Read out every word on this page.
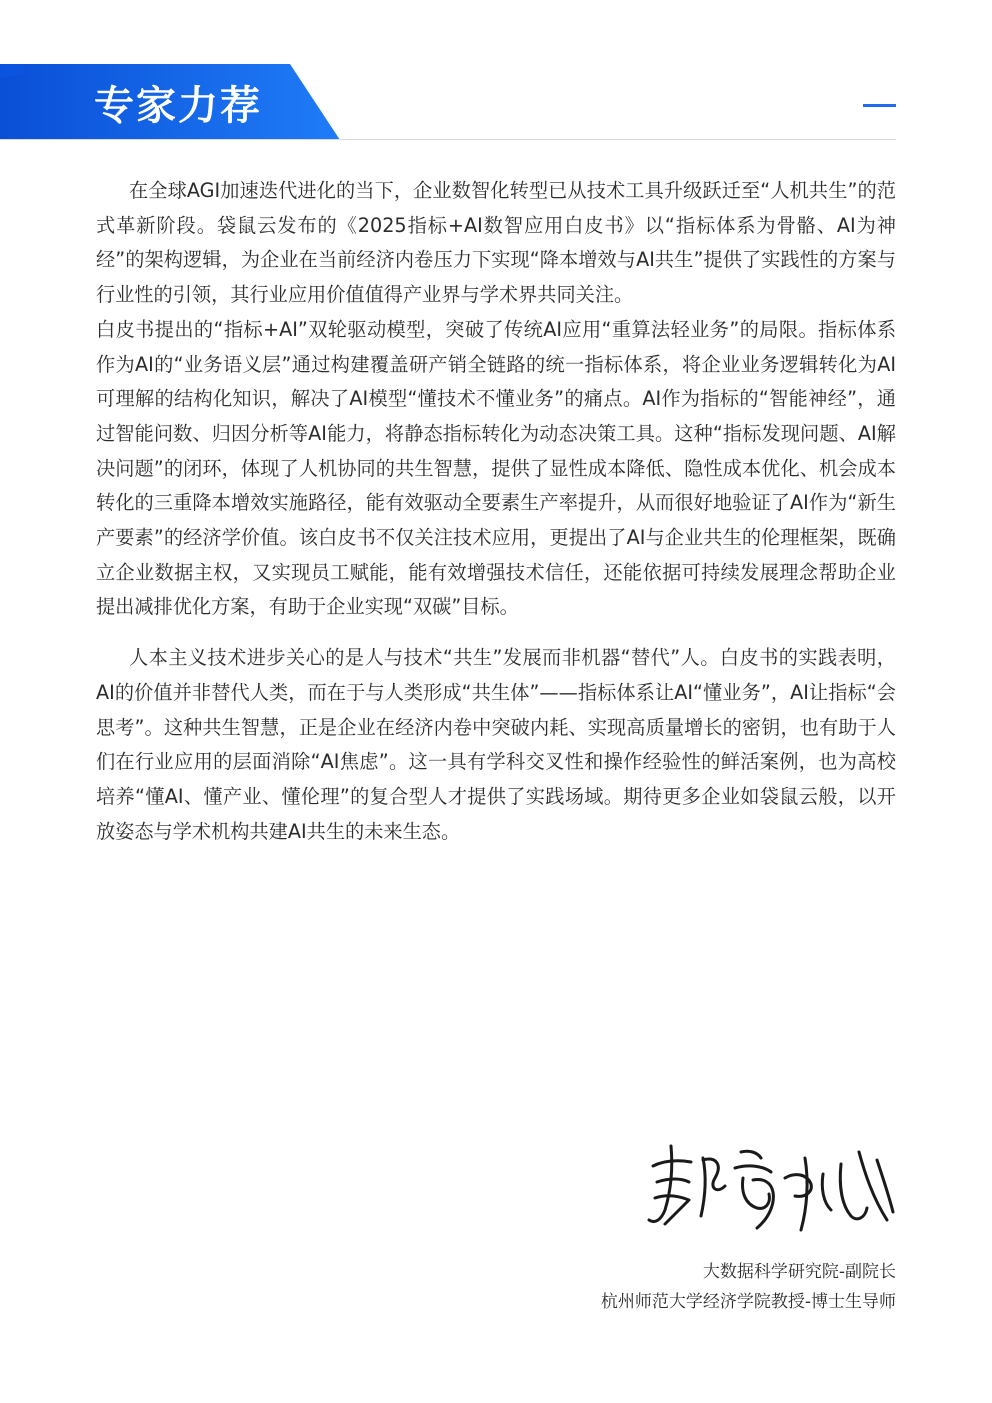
专家力荐

在全球AGI加速迭代进化的当下，企业数智化转型已从技术工具升级跃迁至“人机共生”的范式革新阶段。袋鼠云发布的《2025指标+AI数智应用白皮书》以“指标体系为骨骼、AI为神经”的架构逻辑，为企业在当前经济内卷压力下实现“降本增效与AI共生”提供了实践性的方案与行业性的引领，其行业应用价值值得产业界与学术界共同关注。

白皮书提出的“指标+AI”双轮驱动模型，突破了传统AI应用“重算法轻业务”的局限。指标体系作为AI的“业务语义层”通过构建覆盖研产销全链路的统一指标体系，将企业业务逻辑转化为AI可理解的结构化知识，解决了AI模型“懂技术不懂业务”的痛点。AI作为指标的“智能神经”，通过智能问数、归因分析等AI能力，将静态指标转化为动态决策工具。这种“指标发现问题、AI解决问题”的闭环，体现了人机协同的共生智慧，提供了显性成本降低、隐性成本优化、机会成本转化的三重降本增效实施路径，能有效驱动全要素生产率提升，从而很好地验证了AI作为“新生产要素”的经济学价值。该白皮书不仅关注技术应用，更提出了AI与企业共生的伦理框架，既确立企业数据主权，又实现员工赋能，能有效增强技术信任，还能依据可持续发展理念帮助企业提出减排优化方案，有助于企业实现“双碳”目标。

人本主义技术进步关心的是人与技术“共生”发展而非机器“替代”人。白皮书的实践表明，AI的价值并非替代人类，而在于与人类形成“共生体”——指标体系让AI“懂业务”，AI让指标“会思考”。这种共生智慧，正是企业在经济内卷中突破内耗、实现高质量增长的密钥，也有助于人们在行业应用的层面消除“AI焦虑”。这一具有学科交叉性和操作经验性的鲜活案例，也为高校培养“懂AI、懂产业、懂伦理”的复合型人才提供了实践场域。期待更多企业如袋鼠云般，以开放姿态与学术机构共建AI共生的未来生态。

大数据科学研究院-副院长
杭州师范大学经济学院教授-博士生导师
